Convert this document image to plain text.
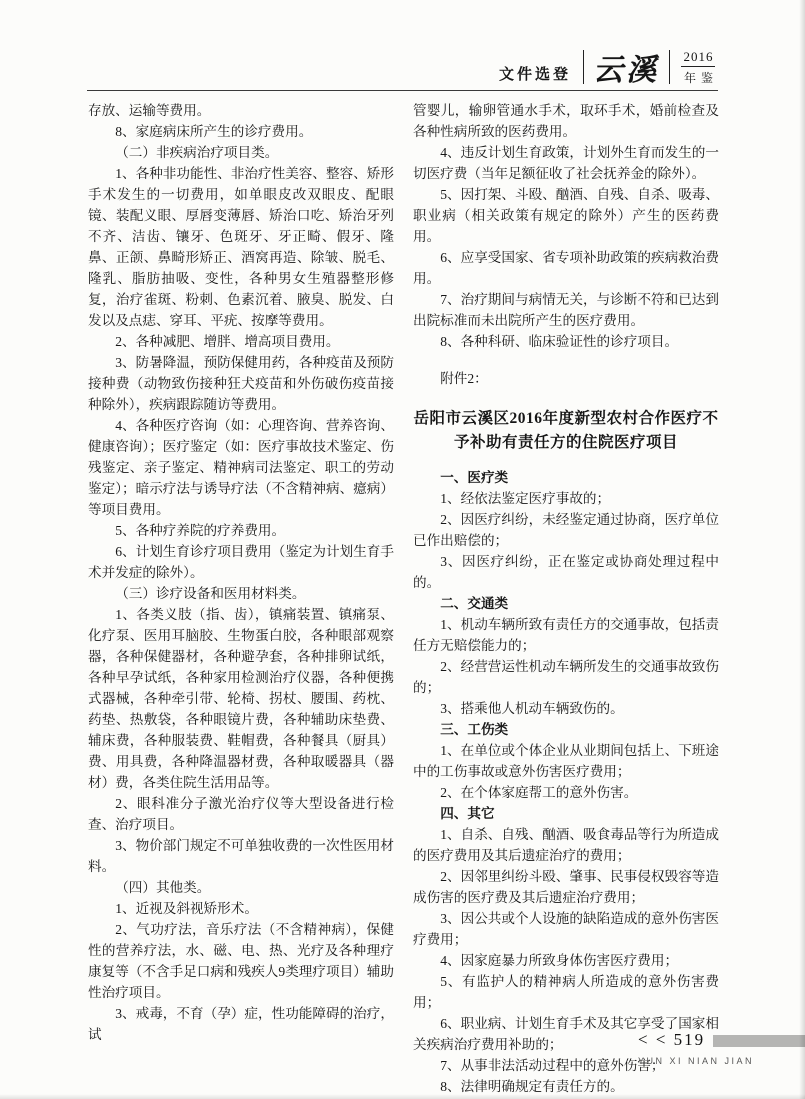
文件选登 云溪	2016
年鉴

存放、运输等费用。

8、家庭病床所产生的诊疗费用。

（二）非疾病治疗项目类。

1、各种非功能性、非治疗性美容、整容、矫形手术发生的一切费用，如单眼皮改双眼皮、配眼镜、装配义眼、厚唇变薄唇、矫治口吃、矫治牙列不齐、洁齿、镶牙、色斑牙、牙正畸、假牙、隆鼻、正颌、鼻畸形矫正、酒窝再造、除皱、脱毛、隆乳、脂肪抽吸、变性，各种男女生殖器整形修复，治疗雀斑、粉刺、色素沉着、腋臭、脱发、白发以及点痣、穿耳、平疣、按摩等费用。

2、各种减肥、增胖、增高项目费用。

3、防暑降温，预防保健用药，各种疫苗及预防接种费（动物致伤接种狂犬疫苗和外伤破伤疫苗接种除外），疾病跟踪随访等费用。

4、各种医疗咨询（如：心理咨询、营养咨询、健康咨询）；医疗鉴定（如：医疗事故技术鉴定、伤残鉴定、亲子鉴定、精神病司法鉴定、职工的劳动鉴定）；暗示疗法与诱导疗法（不含精神病、癔病）等项目费用。

5、各种疗养院的疗养费用。

6、计划生育诊疗项目费用（鉴定为计划生育手术并发症的除外）。

（三）诊疗设备和医用材料类。

1、各类义肢（指、齿），镇痛装置、镇痛泵、化疗泵、医用耳脑胶、生物蛋白胶，各种眼部观察器，各种保健器材，各种避孕套，各种排卵试纸，各种早孕试纸，各种家用检测治疗仪器，各种便携式器械，各种牵引带、轮椅、拐杖、腰围、药枕、药垫、热敷袋，各种眼镜片费，各种辅助床垫费、辅床费，各种服装费、鞋帽费，各种餐具（厨具）费、用具费，各种降温器材费，各种取暖器具（器材）费，各类住院生活用品等。

2、眼科准分子激光治疗仪等大型设备进行检查、治疗项目。

3、物价部门规定不可单独收费的一次性医用材料。

（四）其他类。

1、近视及斜视矫形术。

2、气功疗法，音乐疗法（不含精神病），保健性的营养疗法，水、磁、电、热、光疗及各种理疗康复等（不含手足口病和残疾人9类理疗项目）辅助性治疗项目。

3、戒毒，不育（孕）症，性功能障碍的治疗，试

管婴儿，输卵管通水手术，取环手术，婚前检查及各种性病所致的医药费用。

4、违反计划生育政策，计划外生育而发生的一切医疗费（当年足额征收了社会抚养金的除外）。

5、因打架、斗殴、酗酒、自残、自杀、吸毒、职业病（相关政策有规定的除外）产生的医药费用。

6、应享受国家、省专项补助政策的疾病救治费用。

7、治疗期间与病情无关，与诊断不符和已达到出院标准而未出院所产生的医疗费用。

8、各种科研、临床验证性的诊疗项目。

附件2：

岳阳市云溪区2016年度新型农村合作医疗不予补助有责任方的住院医疗项目

一、医疗类

1、经依法鉴定医疗事故的；

2、因医疗纠纷，未经鉴定通过协商，医疗单位已作出赔偿的；

3、因医疗纠纷，正在鉴定或协商处理过程中的。

二、交通类

1、机动车辆所致有责任方的交通事故，包括责任方无赔偿能力的；

2、经营营运性机动车辆所发生的交通事故致伤的；

3、搭乘他人机动车辆致伤的。

三、工伤类

1、在单位或个体企业从业期间包括上、下班途中的工伤事故或意外伤害医疗费用；

2、在个体家庭帮工的意外伤害。

四、其它

1、自杀、自残、酗酒、吸食毒品等行为所造成的医疗费用及其后遗症治疗的费用；

2、因邻里纠纷斗殴、肇事、民事侵权毁容等造成伤害的医疗费及其后遗症治疗费用；

3、因公共或个人设施的缺陷造成的意外伤害医疗费用；

4、因家庭暴力所致身体伤害医疗费用；

5、有监护人的精神病人所造成的意外伤害费用；

6、职业病、计划生育手术及其它享受了国家相关疾病治疗费用补助的；

7、从事非法活动过程中的意外伤害；

8、法律明确规定有责任方的。

< < 519
YUN XI NIAN JIAN
